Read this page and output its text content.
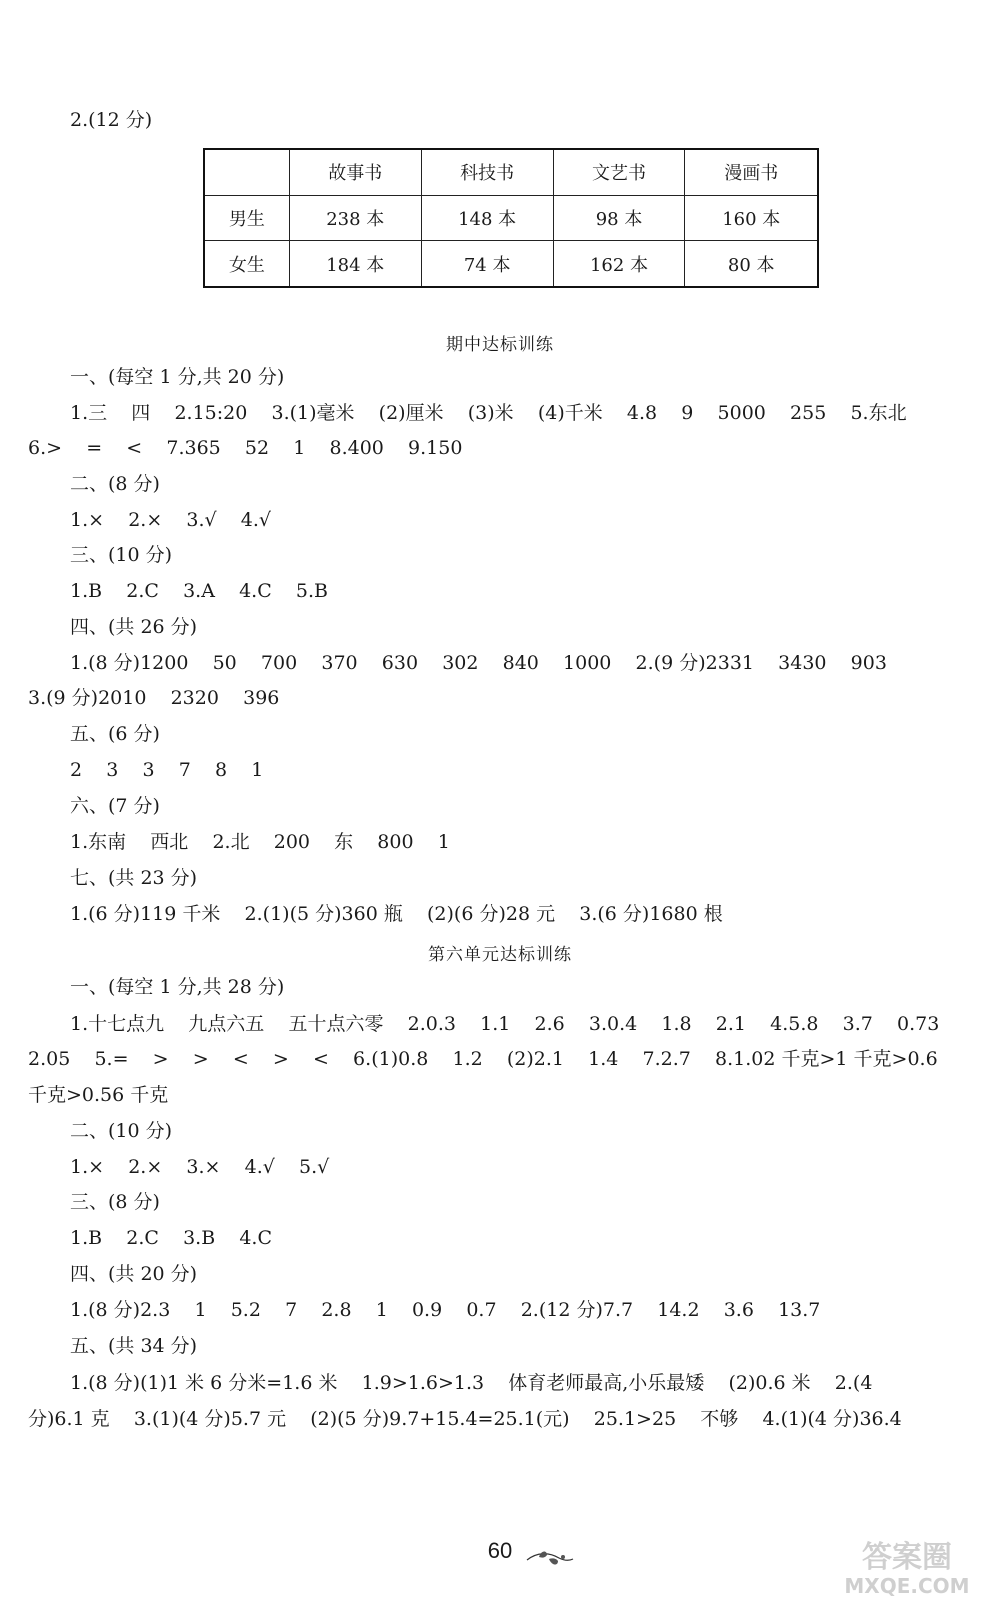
2.(12 分)
	故事书	科技书	文艺书	漫画书
男生	238 本	148 本	98 本	160 本
女生	184 本	74 本	162 本	80 本
期中达标训练
一、(每空 1 分,共 20 分)
1.三    四    2.15:20    3.(1)毫米    (2)厘米    (3)米    (4)千米    4.8    9    5000    255    5.东北
6.>    =    <    7.365    52    1    8.400    9.150
二、(8 分)
1.×    2.×    3.√    4.√
三、(10 分)
1.B    2.C    3.A    4.C    5.B
四、(共 26 分)
1.(8 分)1200    50    700    370    630    302    840    1000    2.(9 分)2331    3430    903
3.(9 分)2010    2320    396
五、(6 分)
2    3    3    7    8    1
六、(7 分)
1.东南    西北    2.北    200    东    800    1
七、(共 23 分)
1.(6 分)119 千米    2.(1)(5 分)360 瓶    (2)(6 分)28 元    3.(6 分)1680 根
第六单元达标训练
一、(每空 1 分,共 28 分)
1.十七点九    九点六五    五十点六零    2.0.3    1.1    2.6    3.0.4    1.8    2.1    4.5.8    3.7    0.73
2.05    5.=    >    >    <    >    <    6.(1)0.8    1.2    (2)2.1    1.4    7.2.7    8.1.02 千克>1 千克>0.6
千克>0.56 千克
二、(10 分)
1.×    2.×    3.×    4.√    5.√
三、(8 分)
1.B    2.C    3.B    4.C
四、(共 20 分)
1.(8 分)2.3    1    5.2    7    2.8    1    0.9    0.7    2.(12 分)7.7    14.2    3.6    13.7
五、(共 34 分)
1.(8 分)(1)1 米 6 分米=1.6 米    1.9>1.6>1.3    体育老师最高,小乐最矮    (2)0.6 米    2.(4
分)6.1 克    3.(1)(4 分)5.7 元    (2)(5 分)9.7+15.4=25.1(元)    25.1>25    不够    4.(1)(4 分)36.4
60	答案圈
MXQE.COM
